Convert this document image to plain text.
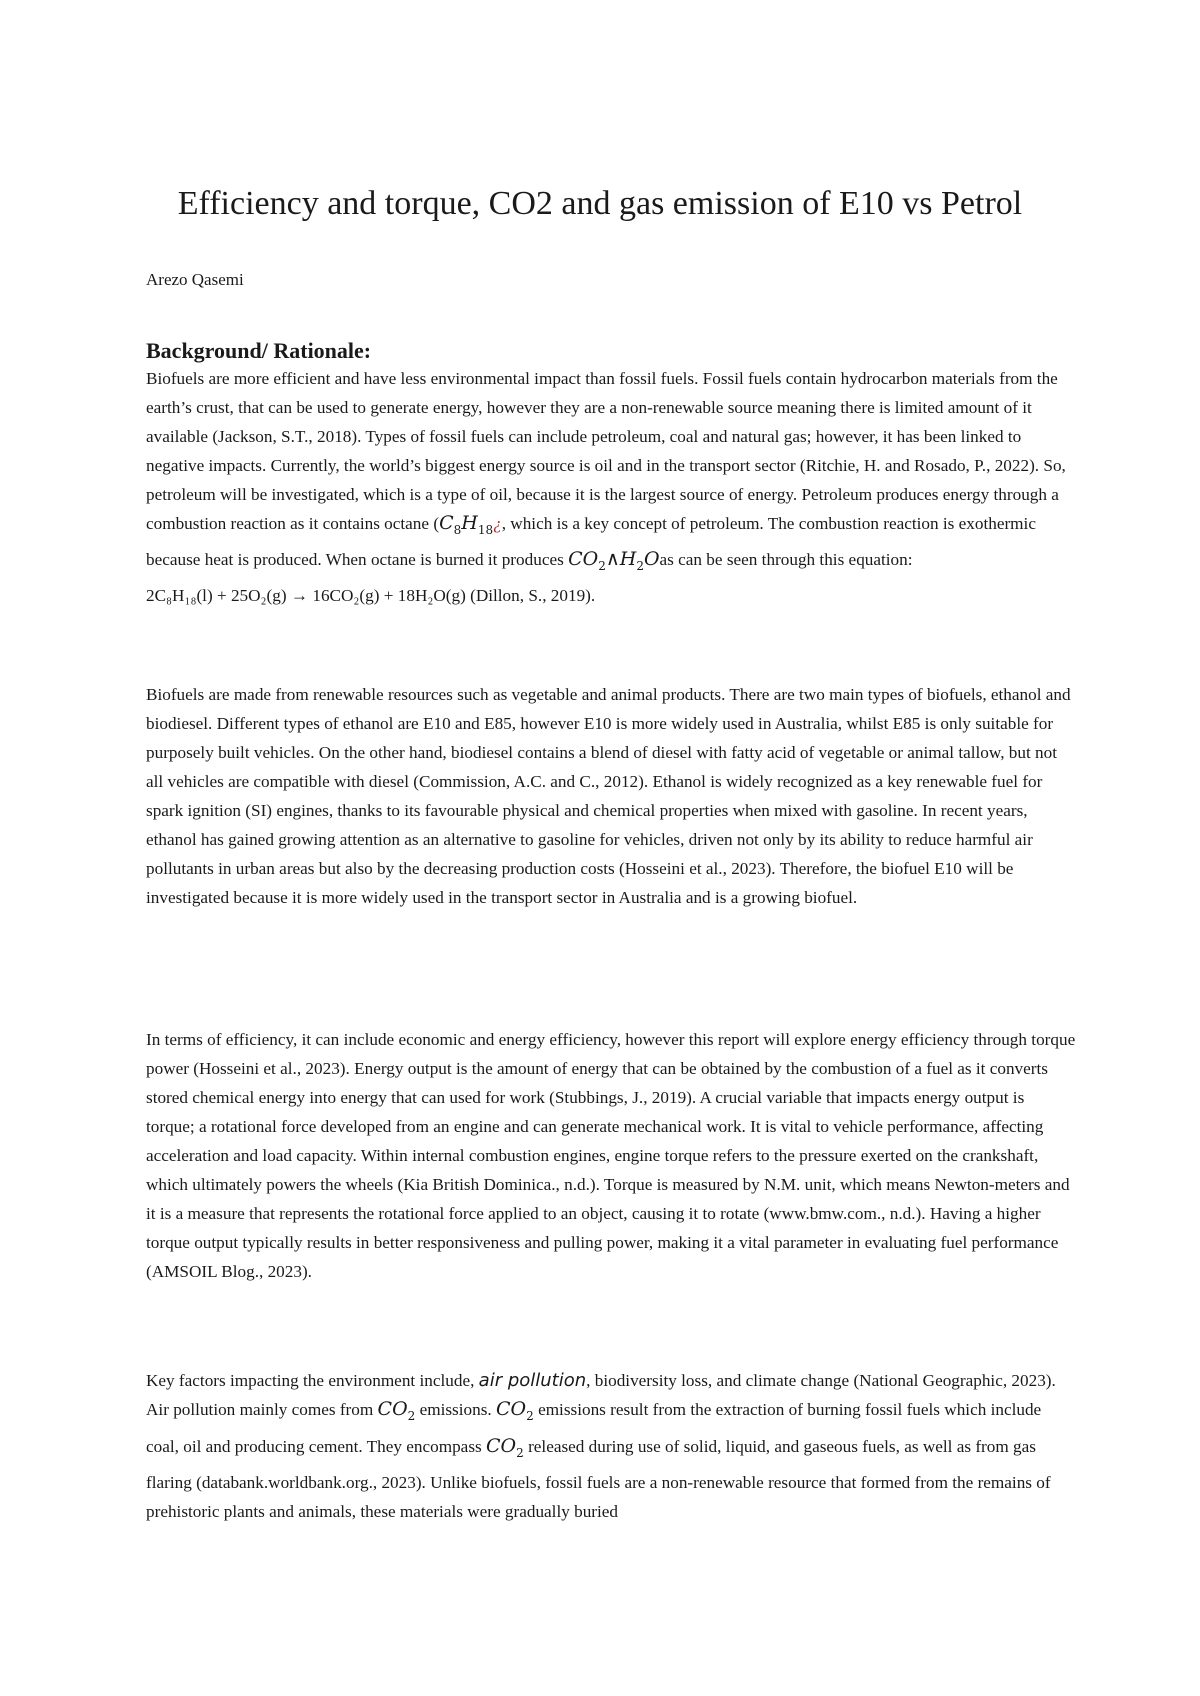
Efficiency and torque, CO2 and gas emission of E10 vs Petrol

Arezo Qasemi

Background/ Rationale:

Biofuels are more efficient and have less environmental impact than fossil fuels. Fossil fuels contain hydrocarbon materials from the earth’s crust, that can be used to generate energy, however they are a non-renewable source meaning there is limited amount of it available (Jackson, S.T., 2018). Types of fossil fuels can include petroleum, coal and natural gas; however, it has been linked to negative impacts. Currently, the world’s biggest energy source is oil and in the transport sector (Ritchie, H. and Rosado, P., 2022). So, petroleum will be investigated, which is a type of oil, because it is the largest source of energy. Petroleum produces energy through a combustion reaction as it contains octane ($C_8H_{18}¿$, which is a key concept of petroleum. The combustion reaction is exothermic because heat is produced. When octane is burned it produces $CO_2\wedge H_2Oas$ can be seen through this equation:
2C₈H₁₈(l) + 25O₂(g) → 16CO₂(g) + 18H₂O(g) (Dillon, S., 2019).

Biofuels are made from renewable resources such as vegetable and animal products. There are two main types of biofuels, ethanol and biodiesel. Different types of ethanol are E10 and E85, however E10 is more widely used in Australia, whilst E85 is only suitable for purposely built vehicles. On the other hand, biodiesel contains a blend of diesel with fatty acid of vegetable or animal tallow, but not all vehicles are compatible with diesel (Commission, A.C. and C., 2012). Ethanol is widely recognized as a key renewable fuel for spark ignition (SI) engines, thanks to its favourable physical and chemical properties when mixed with gasoline. In recent years, ethanol has gained growing attention as an alternative to gasoline for vehicles, driven not only by its ability to reduce harmful air pollutants in urban areas but also by the decreasing production costs (Hosseini et al., 2023). Therefore, the biofuel E10 will be investigated because it is more widely used in the transport sector in Australia and is a growing biofuel.

In terms of efficiency, it can include economic and energy efficiency, however this report will explore energy efficiency through torque power (Hosseini et al., 2023). Energy output is the amount of energy that can be obtained by the combustion of a fuel as it converts stored chemical energy into energy that can used for work (Stubbings, J., 2019). A crucial variable that impacts energy output is torque; a rotational force developed from an engine and can generate mechanical work. It is vital to vehicle performance, affecting acceleration and load capacity. Within internal combustion engines, engine torque refers to the pressure exerted on the crankshaft, which ultimately powers the wheels (Kia British Dominica., n.d.). Torque is measured by N.M. unit, which means Newton-meters and it is a measure that represents the rotational force applied to an object, causing it to rotate (www.bmw.com., n.d.). Having a higher torque output typically results in better responsiveness and pulling power, making it a vital parameter in evaluating fuel performance (AMSOIL Blog., 2023).

Key factors impacting the environment include, air pollution, biodiversity loss, and climate change (National Geographic, 2023). Air pollution mainly comes from $CO_2$ emissions. $CO_2$ emissions result from the extraction of burning fossil fuels which include coal, oil and producing cement. They encompass $CO_2$ released during use of solid, liquid, and gaseous fuels, as well as from gas flaring (databank.worldbank.org., 2023). Unlike biofuels, fossil fuels are a non-renewable resource that formed from the remains of prehistoric plants and animals, these materials were gradually buried
